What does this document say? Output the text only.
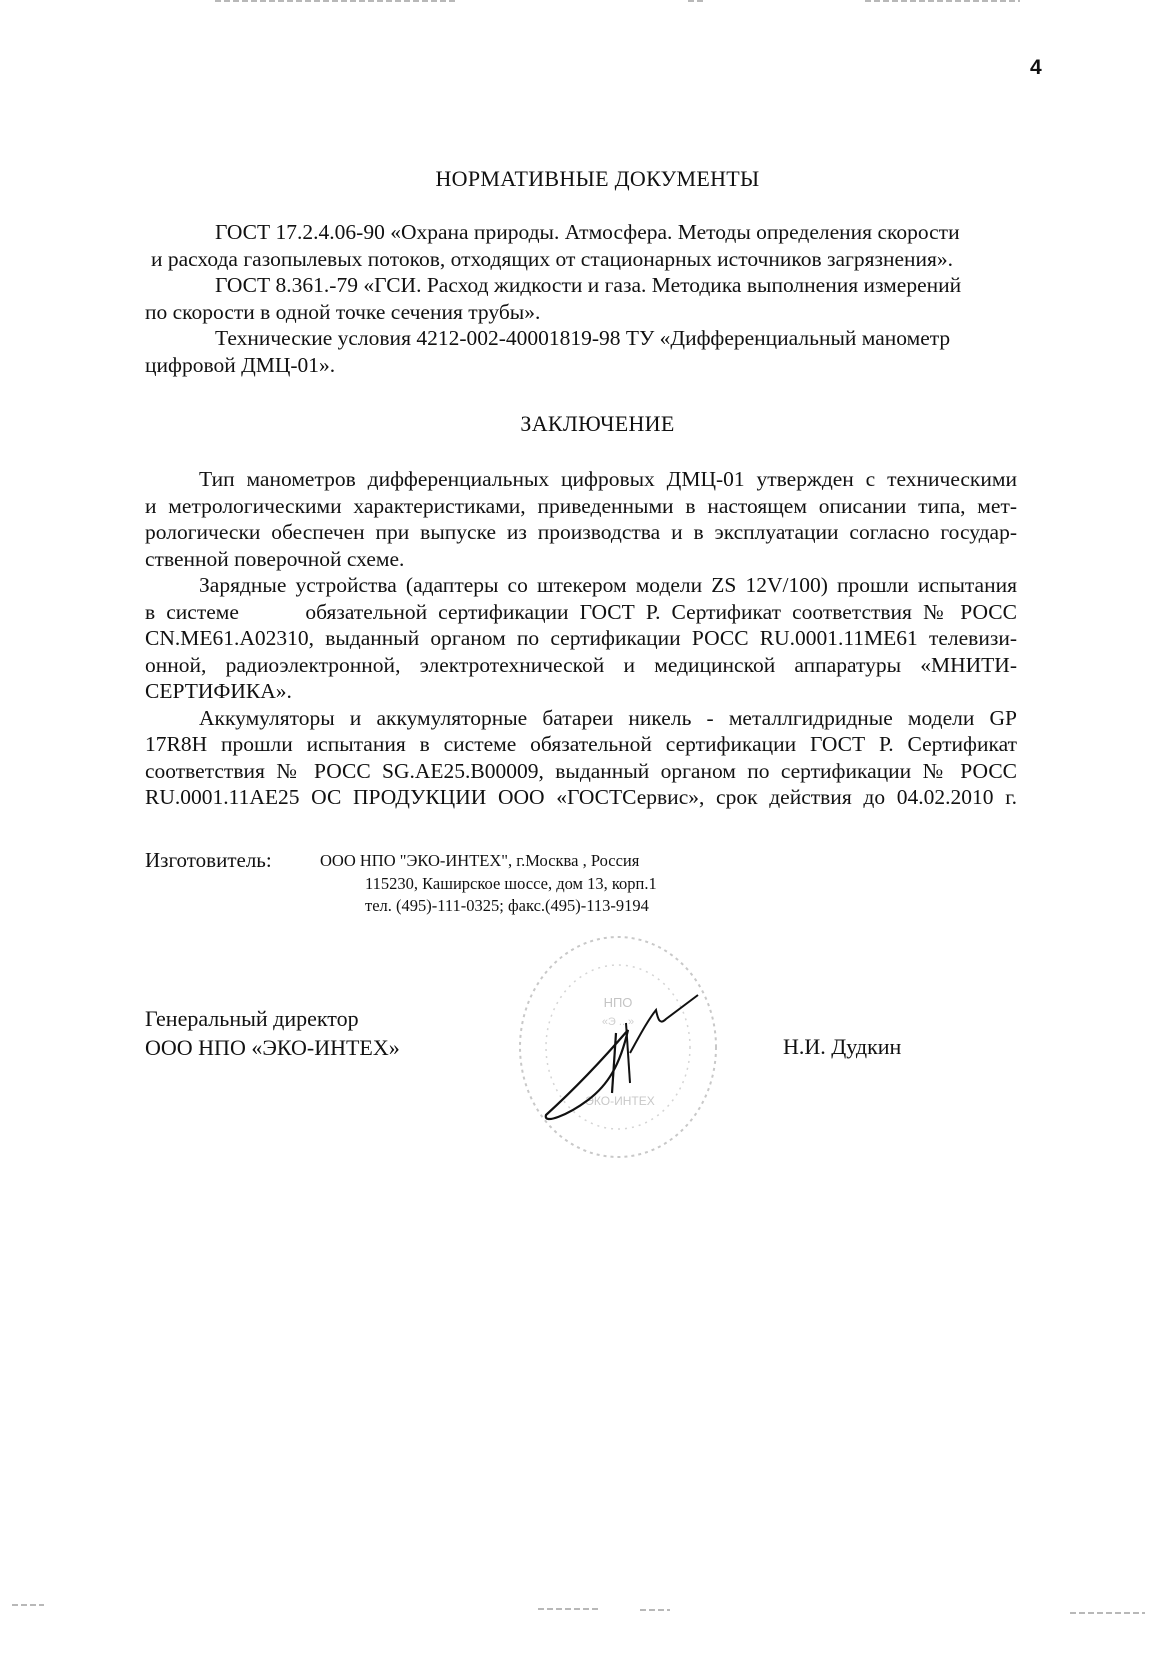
4
НОРМАТИВНЫЕ ДОКУМЕНТЫ
ГОСТ 17.2.4.06-90 «Охрана природы. Атмосфера. Методы определения скорости
и расхода газопылевых потоков, отходящих от стационарных источников загрязнения».
ГОСТ 8.361.-79 «ГСИ. Расход жидкости и газа. Методика выполнения измерений
по скорости в одной точке сечения трубы».
Технические условия 4212-002-40001819-98 ТУ «Дифференциальный манометр
цифровой ДМЦ-01».
ЗАКЛЮЧЕНИЕ
Тип манометров дифференциальных цифровых ДМЦ-01 утвержден с техническими
и метрологическими характеристиками, приведенными в настоящем описании типа, мет-
рологически обеспечен при выпуске из производства и в эксплуатации согласно государ-
ственной поверочной схеме.
Зарядные устройства (адаптеры со штекером модели ZS 12V/100) прошли испытания
в системе      обязательной сертификации ГОСТ Р. Сертификат соответствия № РОСС
CN.ME61.A02310, выданный органом по сертификации РОСС RU.0001.11ME61 телевизи-
онной, радиоэлектронной, электротехнической и медицинской аппаратуры «МНИТИ-
СЕРТИФИКА».
Аккумуляторы и аккумуляторные батареи никель - металлгидридные модели GP
17R8H прошли испытания в системе обязательной сертификации ГОСТ Р. Сертификат
соответствия № РОСС SG.AE25.B00009, выданный органом по сертификации № РОСС
RU.0001.11AE25 ОС ПРОДУКЦИИ ООО «ГОСТСервис», срок действия до 04.02.2010 г.
Изготовитель:	ООО НПО "ЭКО-ИНТЕХ", г.Москва , Россия
115230, Каширское шоссе, дом 13, корп.1
тел. (495)-111-0325; факс.(495)-113-9194
Генеральный директор
ООО НПО «ЭКО-ИНТЕХ»
НПО
«Э ...»
ЭКО-ИНТЕХ
Н.И. Дудкин
